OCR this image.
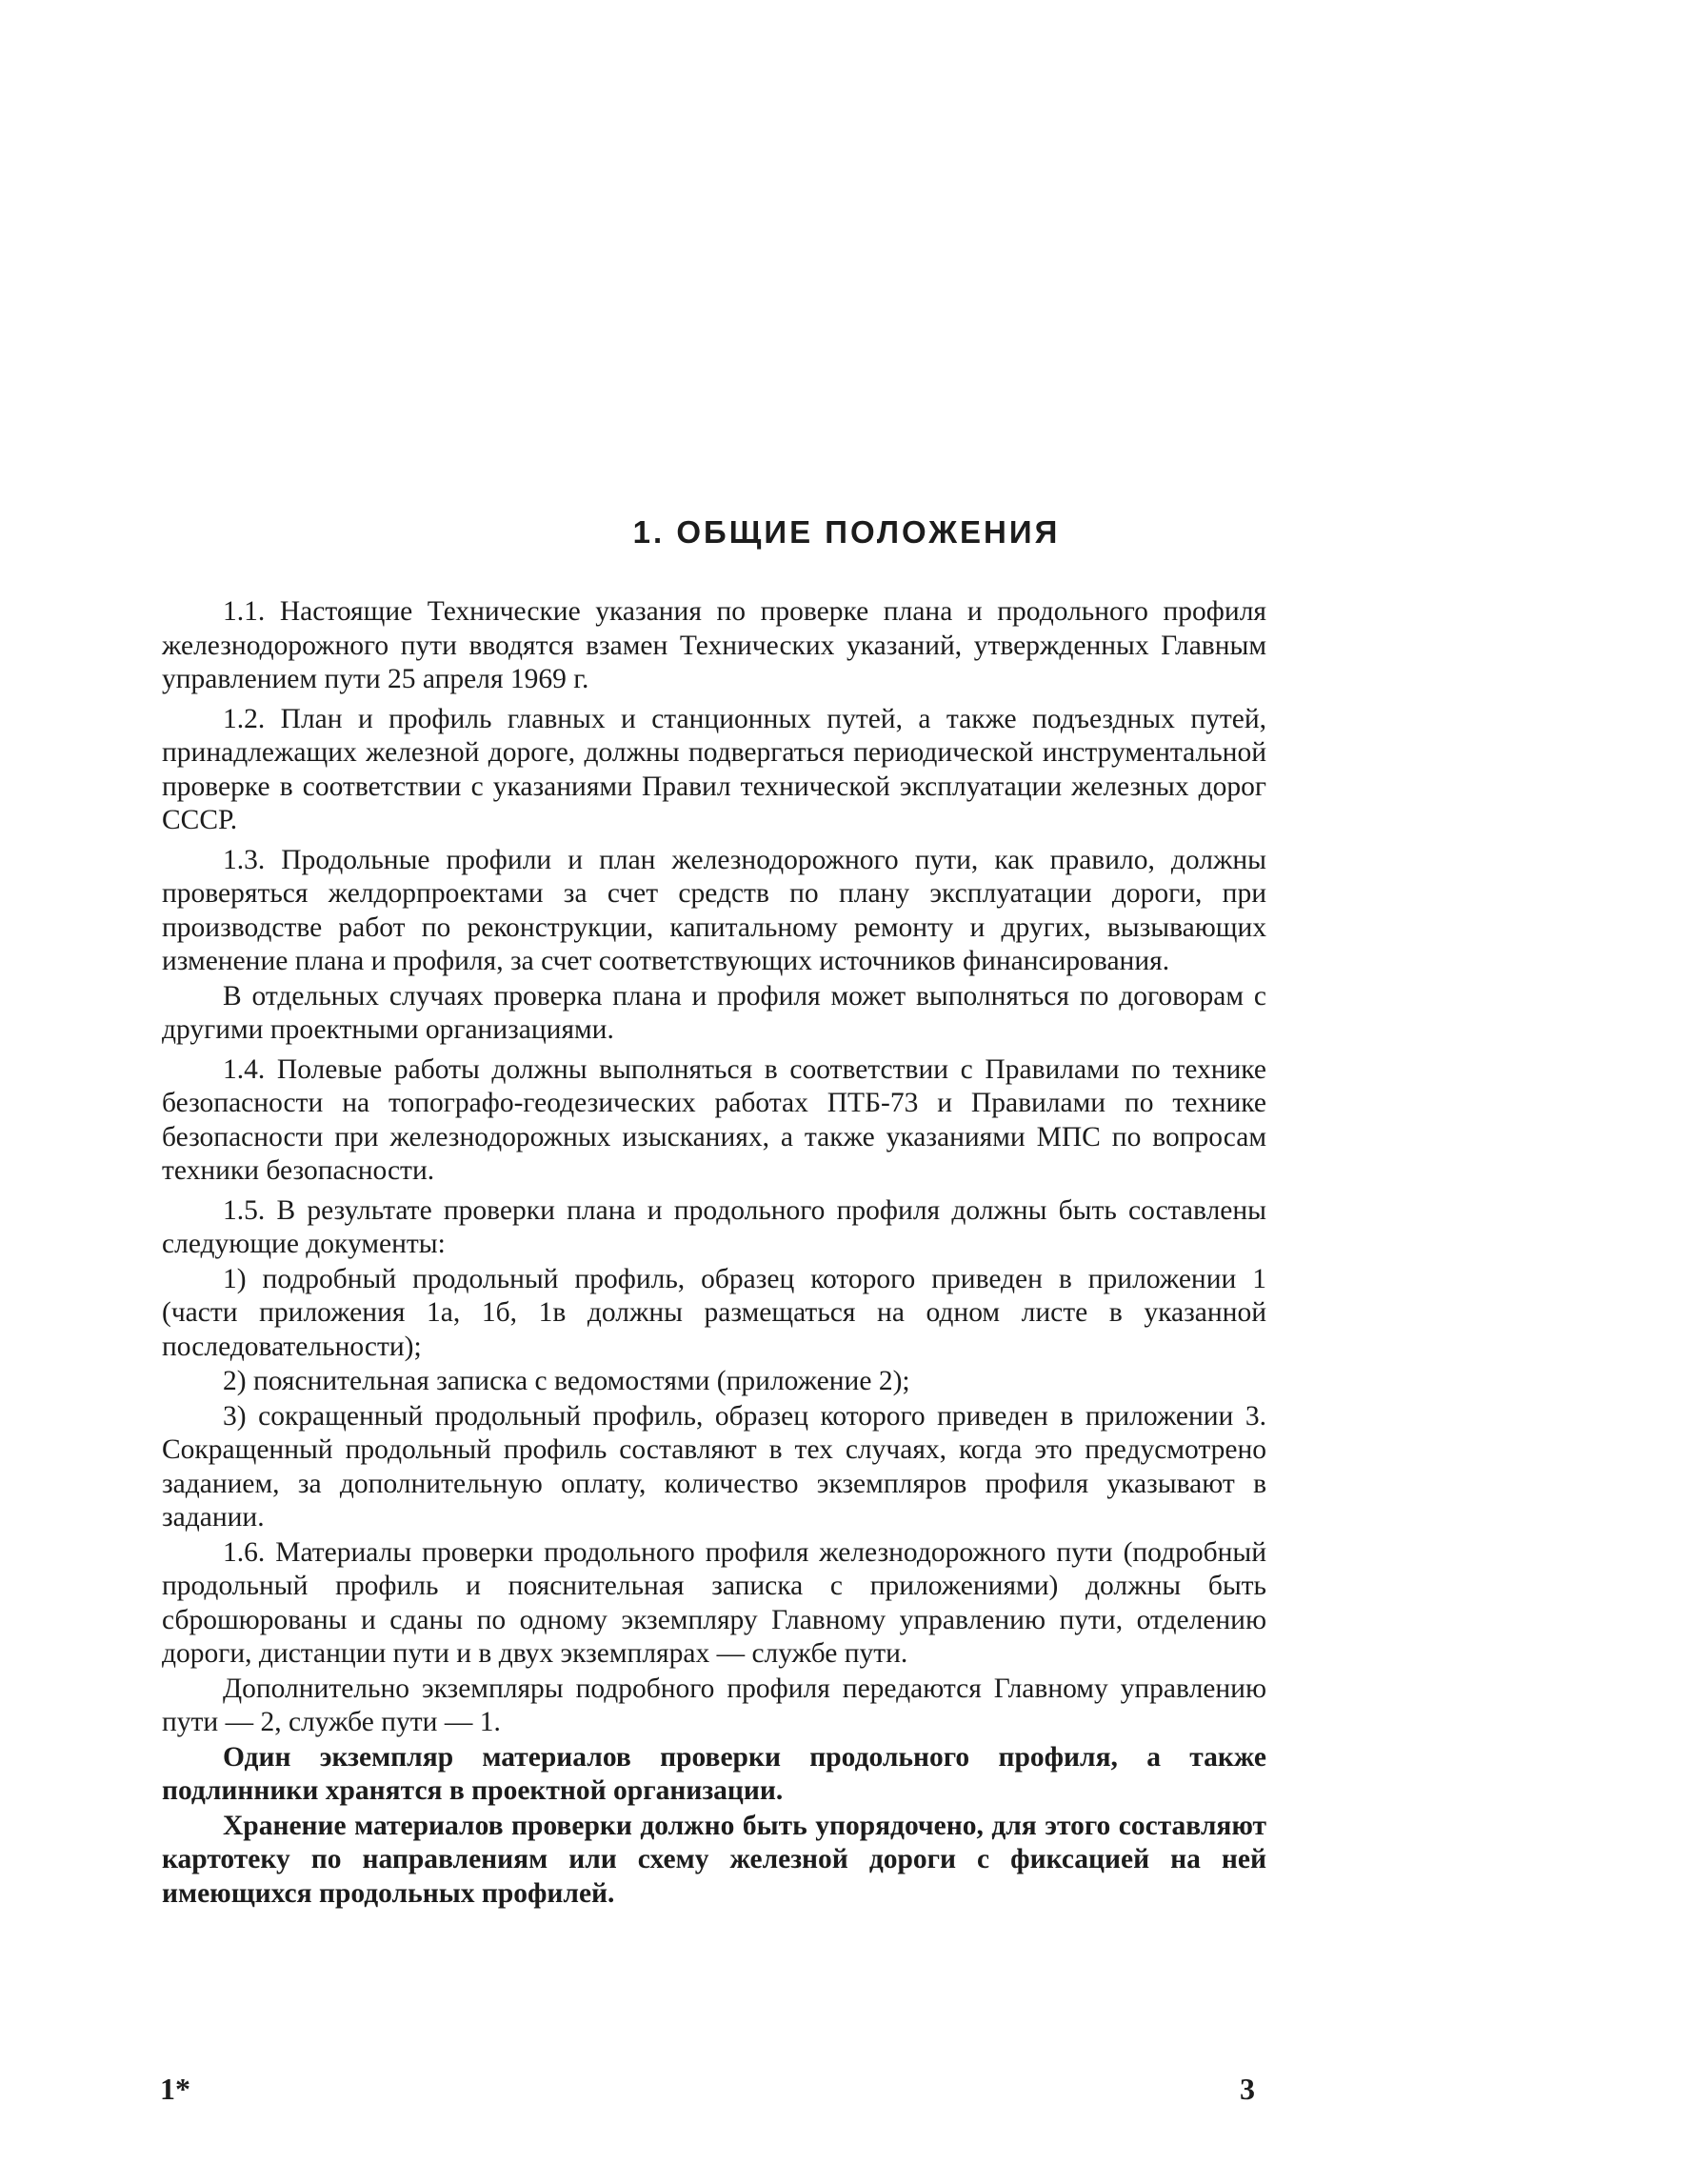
1. ОБЩИЕ ПОЛОЖЕНИЯ

1.1. Настоящие Технические указания по проверке плана и продольного профиля железнодорожного пути вводятся взамен Технических указаний, утвержденных Главным управлением пути 25 апреля 1969 г.

1.2. План и профиль главных и станционных путей, а также подъездных путей, принадлежащих железной дороге, должны подвергаться периодической инструментальной проверке в соответствии с указаниями Правил технической эксплуатации железных дорог СССР.

1.3. Продольные профили и план железнодорожного пути, как правило, должны проверяться желдорпроектами за счет средств по плану эксплуатации дороги, при производстве работ по реконструкции, капитальному ремонту и других, вызывающих изменение плана и профиля, за счет соответствующих источников финансирования.

В отдельных случаях проверка плана и профиля может выполняться по договорам с другими проектными организациями.

1.4. Полевые работы должны выполняться в соответствии с Правилами по технике безопасности на топографо-геодезических работах ПТБ-73 и Правилами по технике безопасности при железнодорожных изысканиях, а также указаниями МПС по вопросам техники безопасности.

1.5. В результате проверки плана и продольного профиля должны быть составлены следующие документы:

1) подробный продольный профиль, образец которого приведен в приложении 1 (части приложения 1а, 1б, 1в должны размещаться на одном листе в указанной последовательности);

2) пояснительная записка с ведомостями (приложение 2);

3) сокращенный продольный профиль, образец которого приведен в приложении 3. Сокращенный продольный профиль составляют в тех случаях, когда это предусмотрено заданием, за дополнительную оплату, количество экземпляров профиля указывают в задании.

1.6. Материалы проверки продольного профиля железнодорожного пути (подробный продольный профиль и пояснительная записка с приложениями) должны быть сброшюрованы и сданы по одному экземпляру Главному управлению пути, отделению дороги, дистанции пути и в двух экземплярах — службе пути.

Дополнительно экземпляры подробного профиля передаются Главному управлению пути — 2, службе пути — 1.

Один экземпляр материалов проверки продольного профиля, а также подлинники хранятся в проектной организации.

Хранение материалов проверки должно быть упорядочено, для этого составляют картотеку по направлениям или схему железной дороги с фиксацией на ней имеющихся продольных профилей.

1*	3
